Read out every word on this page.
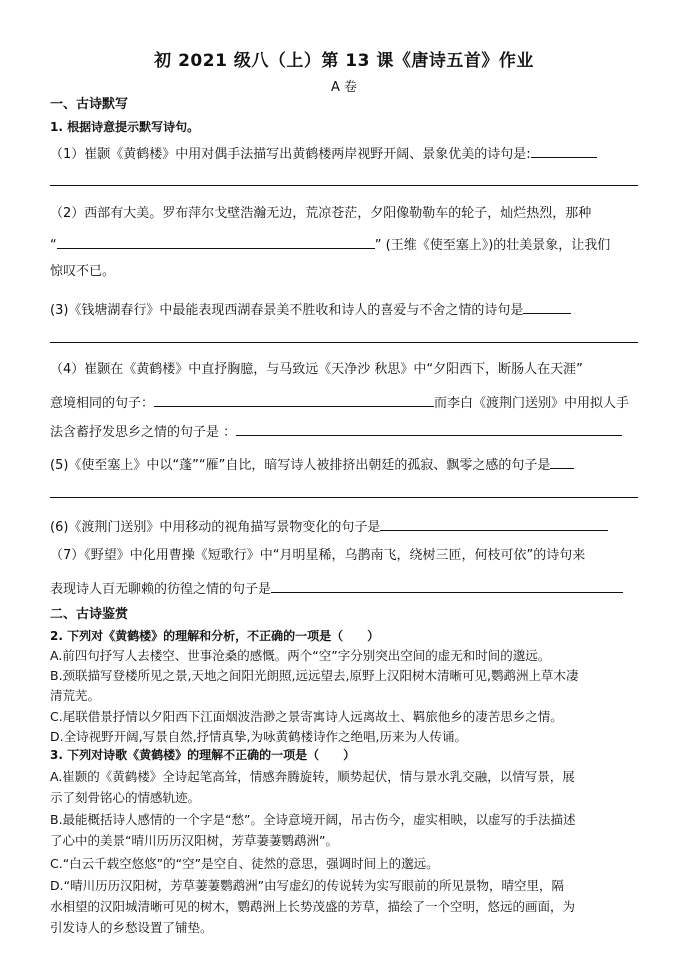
初 2021 级八（上）第 13 课《唐诗五首》作业
A 卷
一、古诗默写
1. 根据诗意提示默写诗句。
（1）崔颢《黄鹤楼》中用对偶手法描写出黄鹤楼两岸视野开阔、景象优美的诗句是:
（2）西部有大美。罗布萍尔戈壁浩瀚无边，荒凉苍茫，夕阳像勒勒车的轮子，灿烂热烈，那种
“	” (王维《使至塞上》)的壮美景象，让我们
惊叹不已。
(3)《钱塘湖春行》中最能表现西湖春景美不胜收和诗人的喜爱与不舍之情的诗句是
（4）崔颢在《黄鹤楼》中直抒胸臆，与马致远《天净沙 秋思》中“夕阳西下，断肠人在天涯”
意境相同的句子：	而李白《渡荆门送别》中用拟人手
法含蓄抒发思乡之情的句子是 ：
(5)《使至塞上》中以“蓬”“雁”自比，暗写诗人被排挤出朝廷的孤寂、飘零之感的句子是
(6)《渡荆门送别》中用移动的视角描写景物变化的句子是
（7）《野望》中化用曹操《短歌行》中“月明星稀，乌鹊南飞，绕树三匝，何枝可依”的诗句来
表现诗人百无聊赖的彷徨之情的句子是
二、古诗鉴赏
2. 下列对《黄鹤楼》的理解和分析，不正确的一项是（　　）
A.前四句抒写人去楼空、世事沧桑的感慨。两个“空”字分别突出空间的虚无和时间的邈远。
B.颈联描写登楼所见之景,天地之间阳光朗照,远远望去,原野上汉阳树木清晰可见,鹦鹉洲上草木凄
清荒芜。
C.尾联借景抒情以夕阳西下江面烟波浩渺之景寄寓诗人远离故土、羁旅他乡的凄苦思乡之情。
D.全诗视野开阔,写景自然,抒情真挚,为咏黄鹤楼诗作之绝唱,历来为人传诵。
3. 下列对诗歌《黄鹤楼》的理解不正确的一项是（　　）
A.崔颢的《黄鹤楼》全诗起笔高耸，情感奔腾旋转，顺势起伏，情与景水乳交融，以情写景，展
示了刻骨铭心的情感轨迹。
B.最能概括诗人感情的一个字是“愁”。全诗意境开阔，吊古伤今，虚实相映，以虚写的手法描述
了心中的美景“晴川历历汉阳树，芳草萋萋鹦鹉洲”。
C.“白云千载空悠悠”的“空”是空自、徒然的意思，强调时间上的邈远。
D.“晴川历历汉阳树，芳草萋萋鹦鹉洲”由写虚幻的传说转为实写眼前的所见景物，晴空里，隔
水相望的汉阳城清晰可见的树木，鹦鹉洲上长势茂盛的芳草，描绘了一个空明，悠远的画面，为
引发诗人的乡愁设置了铺垫。
